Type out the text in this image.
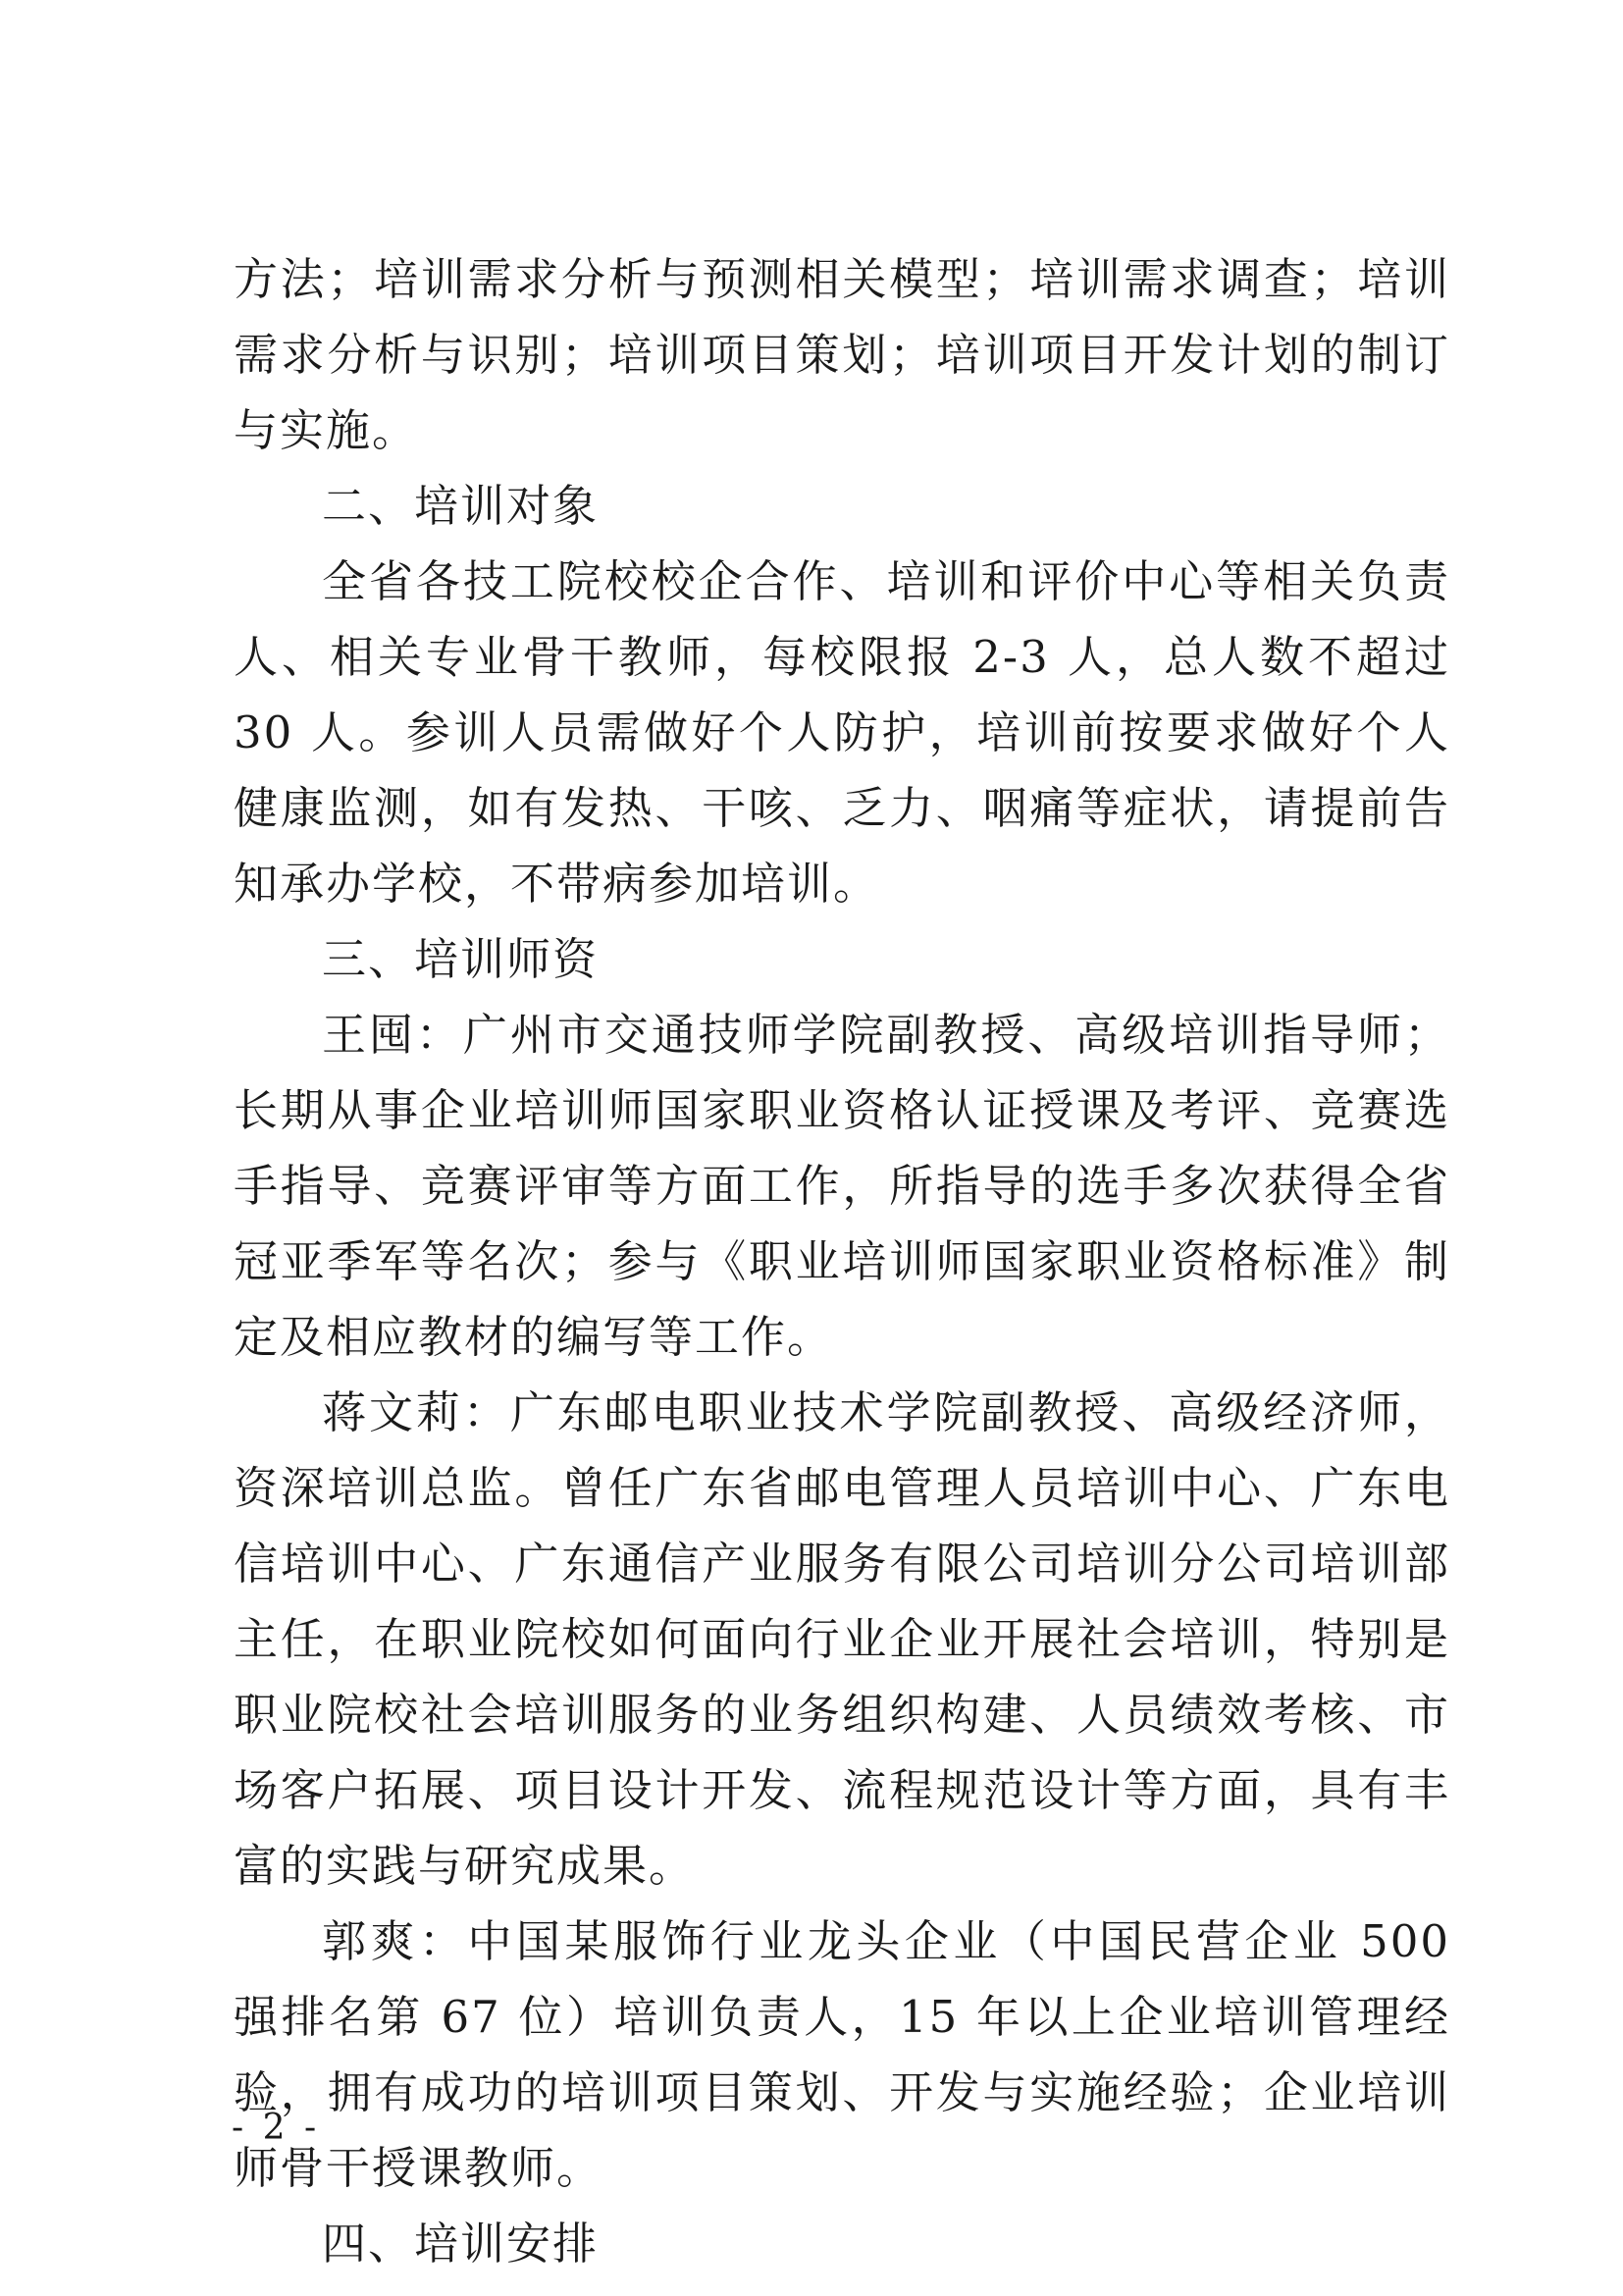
方法；培训需求分析与预测相关模型；培训需求调查；培训需求分析与识别；培训项目策划；培训项目开发计划的制订与实施。

二、培训对象

全省各技工院校校企合作、培训和评价中心等相关负责人、相关专业骨干教师，每校限报 2-3 人，总人数不超过 30 人。参训人员需做好个人防护，培训前按要求做好个人健康监测，如有发热、干咳、乏力、咽痛等症状，请提前告知承办学校，不带病参加培训。

三、培训师资

王囤：广州市交通技师学院副教授、高级培训指导师；长期从事企业培训师国家职业资格认证授课及考评、竞赛选手指导、竞赛评审等方面工作，所指导的选手多次获得全省冠亚季军等名次；参与《职业培训师国家职业资格标准》制定及相应教材的编写等工作。

蒋文莉：广东邮电职业技术学院副教授、高级经济师，资深培训总监。曾任广东省邮电管理人员培训中心、广东电信培训中心、广东通信产业服务有限公司培训分公司培训部主任，在职业院校如何面向行业企业开展社会培训，特别是职业院校社会培训服务的业务组织构建、人员绩效考核、市场客户拓展、项目设计开发、流程规范设计等方面，具有丰富的实践与研究成果。

郭爽：中国某服饰行业龙头企业（中国民营企业 500 强排名第 67 位）培训负责人，15 年以上企业培训管理经验，拥有成功的培训项目策划、开发与实施经验；企业培训师骨干授课教师。

四、培训安排

- 2 -
